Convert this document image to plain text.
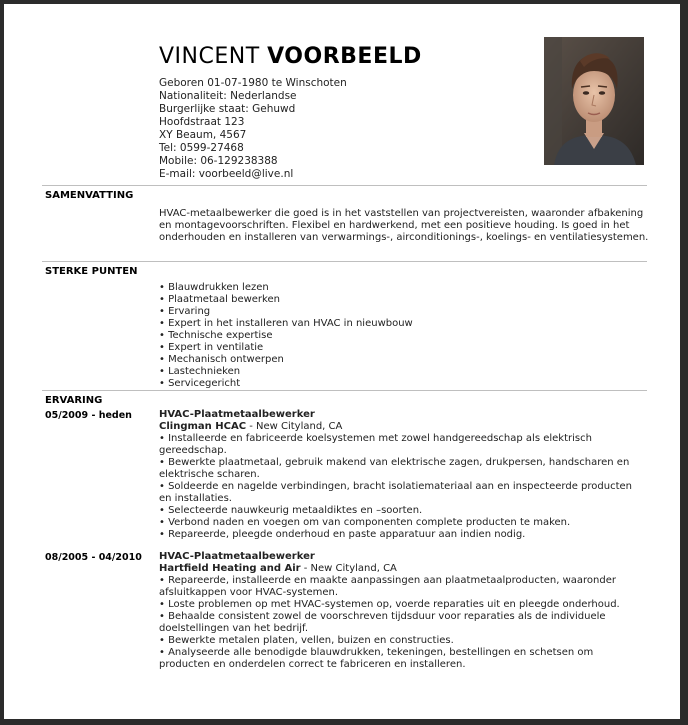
VINCENT VOORBEELD
Geboren 01-07-1980 te Winschoten
Nationaliteit: Nederlandse
Burgerlijke staat: Gehuwd
Hoofdstraat 123
XY Beaum, 4567
Tel: 0599-27468
Mobile: 06-129238388
E-mail: voorbeeld@live.nl
SAMENVATTING
HVAC-metaalbewerker die goed is in het vaststellen van projectvereisten, waaronder afbakening en montagevoorschriften. Flexibel en hardwerkend, met een positieve houding. Is goed in het onderhouden en installeren van verwarmings-, airconditionings-, koelings- en ventilatiesystemen.
STERKE PUNTEN
• Blauwdrukken lezen
• Plaatmetaal bewerken
• Ervaring
• Expert in het installeren van HVAC in nieuwbouw
• Technische expertise
• Expert in ventilatie
• Mechanisch ontwerpen
• Lastechnieken
• Servicegericht
ERVARING
05/2009 - heden	HVAC-Plaatmetaalbewerker
Clingman HCAC - New Cityland, CA
• Installeerde en fabriceerde koelsystemen met zowel handgereedschap als elektrisch gereedschap.
• Bewerkte plaatmetaal, gebruik makend van elektrische zagen, drukpersen, handscharen en elektrische scharen.
• Soldeerde en nagelde verbindingen, bracht isolatiemateriaal aan en inspecteerde producten en installaties.
• Selecteerde nauwkeurig metaaldiktes en –soorten.
• Verbond naden en voegen om van componenten complete producten te maken.
• Repareerde, pleegde onderhoud en paste apparatuur aan indien nodig.
08/2005 - 04/2010 HVAC-Plaatmetaalbewerker
Hartfield Heating and Air - New Cityland, CA
• Repareerde, installeerde en maakte aanpassingen aan plaatmetaalproducten, waaronder afsluitkappen voor HVAC-systemen.
• Loste problemen op met HVAC-systemen op, voerde reparaties uit en pleegde onderhoud.
• Behaalde consistent zowel de voorschreven tijdsduur voor reparaties als de individuele doelstellingen van het bedrijf.
• Bewerkte metalen platen, vellen, buizen en constructies.
• Analyseerde alle benodigde blauwdrukken, tekeningen, bestellingen en schetsen om producten en onderdelen correct te fabriceren en installeren.
